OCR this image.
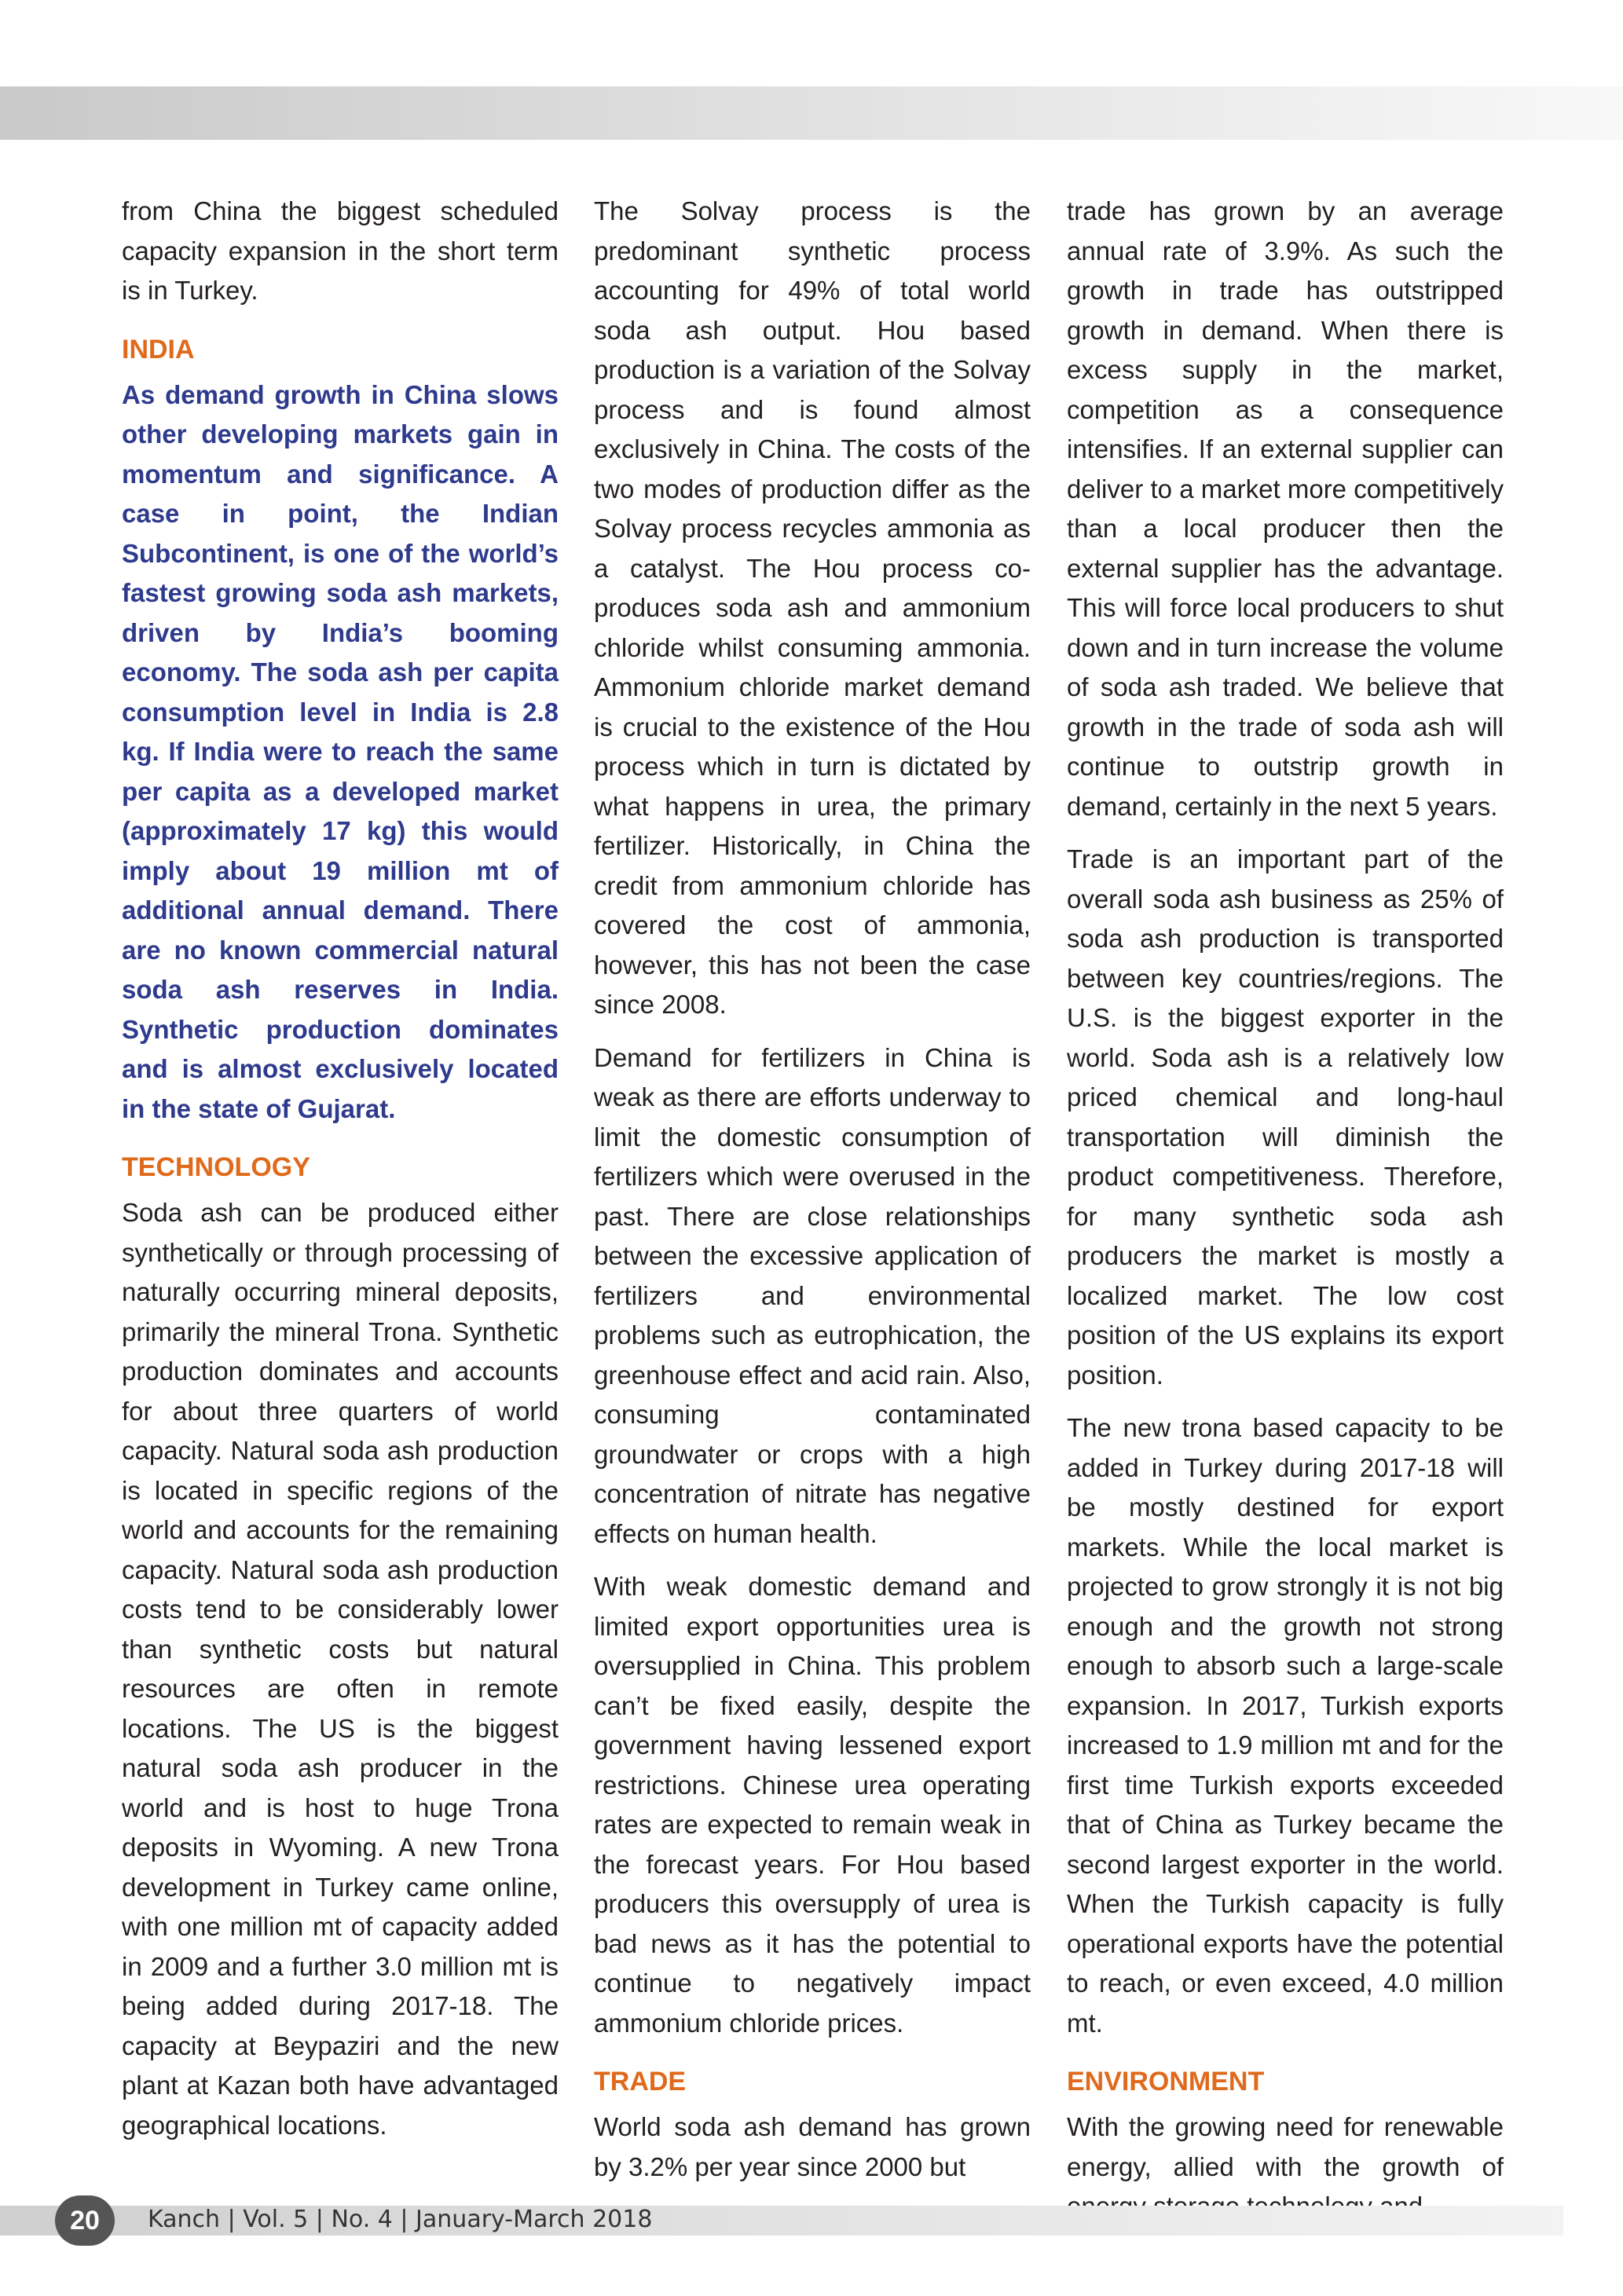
from China the biggest scheduled capacity expansion in the short term is in Turkey.

INDIA

As demand growth in China slows other developing markets gain in momentum and significance. A case in point, the Indian Subcontinent, is one of the world’s fastest growing soda ash markets, driven by India’s booming economy. The soda ash per capita consumption level in India is 2.8 kg. If India were to reach the same per capita as a developed market (approximately 17 kg) this would imply about 19 million mt of additional annual demand. There are no known commercial natural soda ash reserves in India. Synthetic production dominates and is almost exclusively located in the state of Gujarat.

TECHNOLOGY

Soda ash can be produced either synthetically or through processing of naturally occurring mineral deposits, primarily the mineral Trona. Synthetic production dominates and accounts for about three quarters of world capacity. Natural soda ash production is located in specific regions of the world and accounts for the remaining capacity. Natural soda ash production costs tend to be considerably lower than synthetic costs but natural resources are often in remote locations. The US is the biggest natural soda ash producer in the world and is host to huge Trona deposits in Wyoming. A new Trona development in Turkey came online, with one million mt of capacity added in 2009 and a further 3.0 million mt is being added during 2017-18. The capacity at Beypaziri and the new plant at Kazan both have advantaged geographical locations.

The Solvay process is the predominant synthetic process accounting for 49% of total world soda ash output. Hou based production is a variation of the Solvay process and is found almost exclusively in China. The costs of the two modes of production differ as the Solvay process recycles ammonia as a catalyst. The Hou process co-produces soda ash and ammonium chloride whilst consuming ammonia. Ammonium chloride market demand is crucial to the existence of the Hou process which in turn is dictated by what happens in urea, the primary fertilizer. Historically, in China the credit from ammonium chloride has covered the cost of ammonia, however, this has not been the case since 2008.

Demand for fertilizers in China is weak as there are efforts underway to limit the domestic consumption of fertilizers which were overused in the past. There are close relationships between the excessive application of fertilizers and environmental problems such as eutrophication, the greenhouse effect and acid rain. Also, consuming contaminated groundwater or crops with a high concentration of nitrate has negative effects on human health.

With weak domestic demand and limited export opportunities urea is oversupplied in China. This problem can’t be fixed easily, despite the government having lessened export restrictions. Chinese urea operating rates are expected to remain weak in the forecast years. For Hou based producers this oversupply of urea is bad news as it has the potential to continue to negatively impact ammonium chloride prices.

TRADE

World soda ash demand has grown by 3.2% per year since 2000 but

trade has grown by an average annual rate of 3.9%. As such the growth in trade has outstripped growth in demand. When there is excess supply in the market, competition as a consequence intensifies. If an external supplier can deliver to a market more competitively than a local producer then the external supplier has the advantage. This will force local producers to shut down and in turn increase the volume of soda ash traded. We believe that growth in the trade of soda ash will continue to outstrip growth in demand, certainly in the next 5 years.

Trade is an important part of the overall soda ash business as 25% of soda ash production is transported between key countries/regions. The U.S. is the biggest exporter in the world. Soda ash is a relatively low priced chemical and long-haul transportation will diminish the product competitiveness. Therefore, for many synthetic soda ash producers the market is mostly a localized market. The low cost position of the US explains its export position.

The new trona based capacity to be added in Turkey during 2017-18 will be mostly destined for export markets. While the local market is projected to grow strongly it is not big enough and the growth not strong enough to absorb such a large-scale expansion. In 2017, Turkish exports increased to 1.9 million mt and for the first time Turkish exports exceeded that of China as Turkey became the second largest exporter in the world. When the Turkish capacity is fully operational exports have the potential to reach, or even exceed, 4.0 million mt.

ENVIRONMENT

With the growing need for renewable energy, allied with the growth of

20	Kanch | Vol. 5 | No. 4 | January-March 2018
